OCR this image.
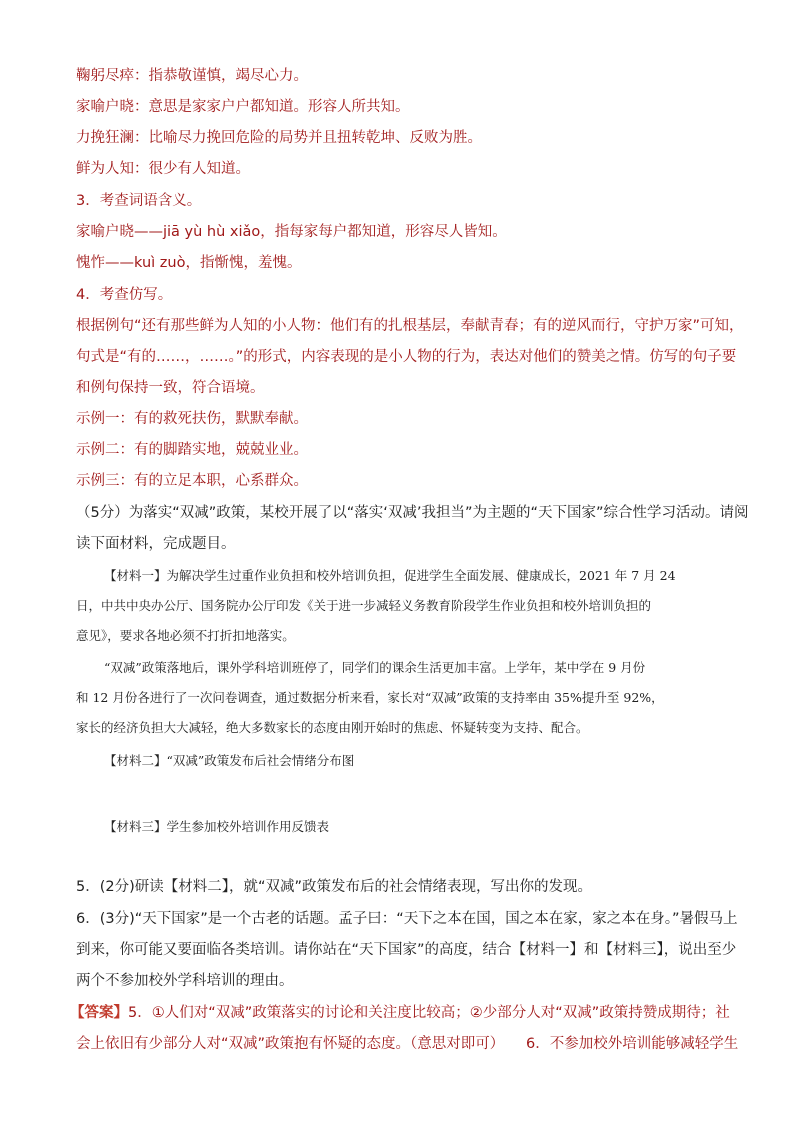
鞠躬尽瘁：指恭敬谨慎，竭尽心力。
家喻户晓：意思是家家户户都知道。形容人所共知。
力挽狂澜：比喻尽力挽回危险的局势并且扭转乾坤、反败为胜。
鲜为人知：很少有人知道。
3．考查词语含义。
家喻户晓——jiā yù hù xiǎo，指每家每户都知道，形容尽人皆知。
愧怍——kuì zuò，指惭愧，羞愧。
4．考查仿写。
根据例句“还有那些鲜为人知的小人物：他们有的扎根基层，奉献青春；有的逆风而行，守护万家”可知，
句式是“有的……，……。”的形式，内容表现的是小人物的行为，表达对他们的赞美之情。仿写的句子要
和例句保持一致，符合语境。
示例一：有的救死扶伤，默默奉献。
示例二：有的脚踏实地，兢兢业业。
示例三：有的立足本职，心系群众。
（5分）为落实“双减”政策，某校开展了以“落实‘双减’我担当”为主题的“天下国家”综合性学习活动。请阅
读下面材料，完成题目。
【材料一】为解决学生过重作业负担和校外培训负担，促进学生全面发展、健康成长，2021 年 7 月 24
日，中共中央办公厅、国务院办公厅印发《关于进一步减轻义务教育阶段学生作业负担和校外培训负担的
意见》，要求各地必须不打折扣地落实。
“双减”政策落地后，课外学科培训班停了，同学们的课余生活更加丰富。上学年，某中学在 9 月份
和 12 月份各进行了一次问卷调查，通过数据分析来看，家长对“双减”政策的支持率由 35%提升至 92%，
家长的经济负担大大减轻，绝大多数家长的态度由刚开始时的焦虑、怀疑转变为支持、配合。
【材料二】“双减”政策发布后社会情绪分布图
【材料三】学生参加校外培训作用反馈表
5．(2分)研读【材料二】，就“双减”政策发布后的社会情绪表现，写出你的发现。
6．(3分)“天下国家”是一个古老的话题。孟子曰：“天下之本在国，国之本在家，家之本在身。”暑假马上
到来，你可能又要面临各类培训。请你站在“天下国家”的高度，结合【材料一】和【材料三】，说出至少
两个不参加校外学科培训的理由。
【答案】5．①人们对“双减”政策落实的讨论和关注度比较高；②少部分人对“双减”政策持赞成期待；社
会上依旧有少部分人对“双减”政策抱有怀疑的态度。（意思对即可）　　6．不参加校外培训能够减轻学生
